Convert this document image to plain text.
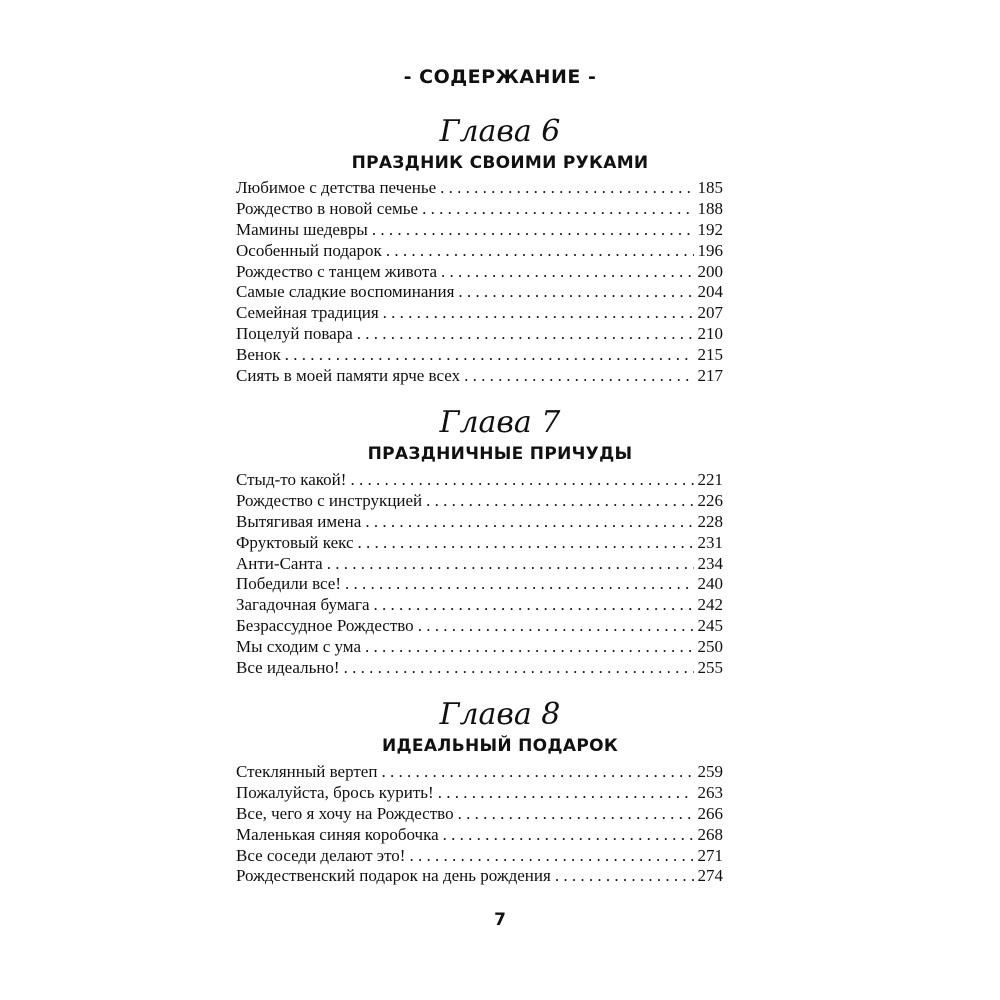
- СОДЕРЖАНИЕ -
Глава 6
ПРАЗДНИК СВОИМИ РУКАМИ
Любимое с детства печенье . . .	185
Рождество в новой семье . . .	188
Мамины шедевры . . .	192
Особенный подарок . . .	196
Рождество с танцем живота . . .	200
Самые сладкие воспоминания . . .	204
Семейная традиция . . .	207
Поцелуй повара . . .	210
Венок . . .	215
Сиять в моей памяти ярче всех . . .	217
Глава 7
ПРАЗДНИЧНЫЕ ПРИЧУДЫ
Стыд-то какой! . . .	221
Рождество с инструкцией . . .	226
Вытягивая имена . . .	228
Фруктовый кекс . . .	231
Анти-Санта . . .	234
Победили все! . . .	240
Загадочная бумага . . .	242
Безрассудное Рождество . . .	245
Мы сходим с ума . . .	250
Все идеально! . . .	255
Глава 8
ИДЕАЛЬНЫЙ ПОДАРОК
Стеклянный вертеп . . .	259
Пожалуйста, брось курить! . . .	263
Все, чего я хочу на Рождество . . .	266
Маленькая синяя коробочка . . .	268
Все соседи делают это! . . .	271
Рождественский подарок на день рождения . . .	274
7
